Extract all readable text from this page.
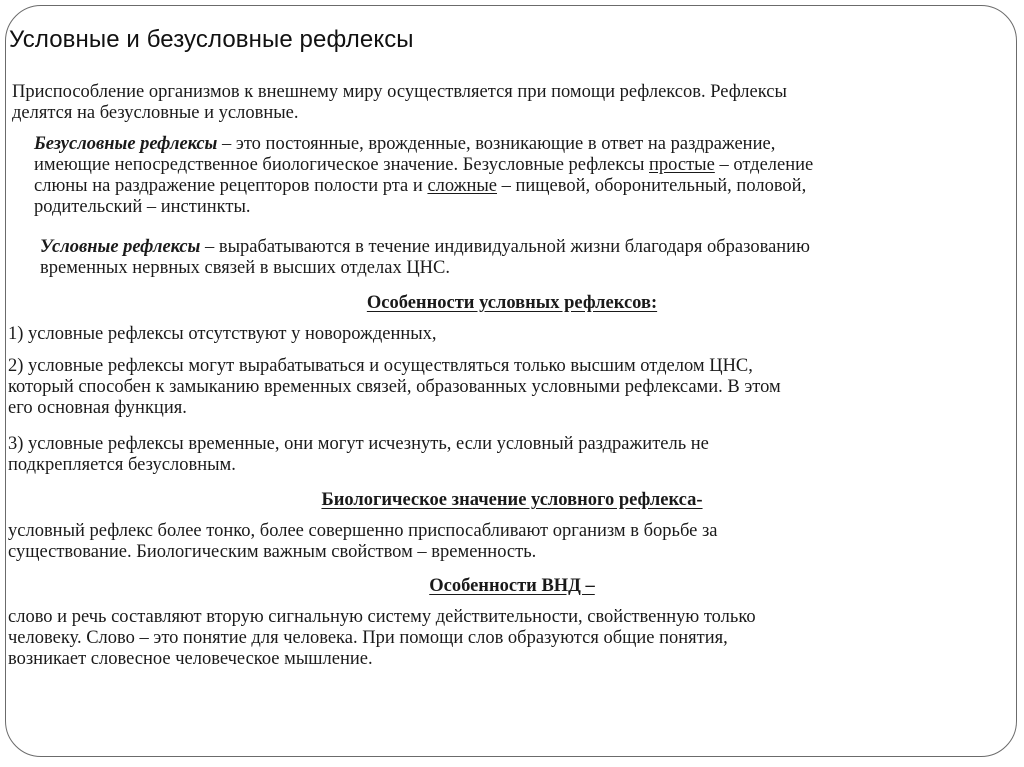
Условные и безусловные рефлексы
Приспособление организмов к внешнему миру осуществляется при помощи рефлексов. Рефлексы
делятся на безусловные и условные.
Безусловные рефлексы – это постоянные, врожденные, возникающие в ответ на раздражение,
имеющие непосредственное биологическое значение. Безусловные рефлексы простые – отделение
слюны на раздражение рецепторов полости рта и сложные – пищевой, оборонительный, половой,
родительский – инстинкты.
Условные рефлексы – вырабатываются в течение индивидуальной жизни благодаря образованию
временных нервных связей в высших отделах ЦНС.
Особенности условных рефлексов:
1) условные рефлексы отсутствуют у новорожденных,
2) условные рефлексы могут вырабатываться и осуществляться только высшим отделом ЦНС,
который способен к замыканию временных связей, образованных условными рефлексами. В этом
его основная функция.
3) условные рефлексы временные, они могут исчезнуть, если условный раздражитель не
подкрепляется безусловным.
Биологическое значение условного рефлекса-
условный рефлекс более тонко, более совершенно приспосабливают организм в борьбе за
существование. Биологическим важным свойством – временность.
Особенности ВНД –
слово и речь составляют вторую сигнальную систему действительности, свойственную только
человеку. Слово – это понятие для человека. При помощи слов образуются общие понятия,
возникает словесное человеческое мышление.
